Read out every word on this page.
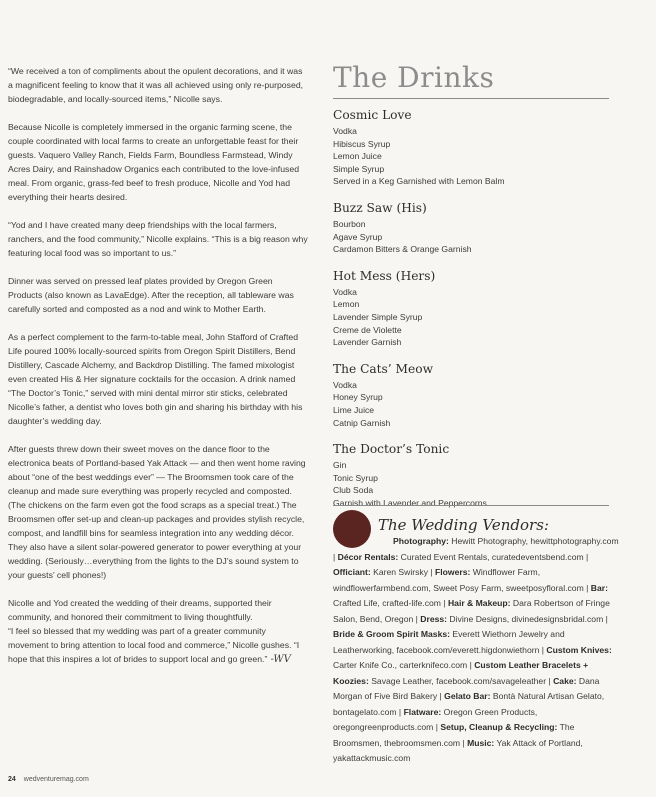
“We received a ton of compliments about the opulent decorations, and it was a magnificent feeling to know that it was all achieved using only re-purposed, biodegradable, and locally-sourced items,” Nicolle says.

Because Nicolle is completely immersed in the organic farming scene, the couple coordinated with local farms to create an unforgettable feast for their guests. Vaquero Valley Ranch, Fields Farm, Boundless Farmstead, Windy Acres Dairy, and Rainshadow Organics each contributed to the love-infused meal. From organic, grass-fed beef to fresh produce, Nicolle and Yod had everything their hearts desired.

“Yod and I have created many deep friendships with the local farmers, ranchers, and the food community,” Nicolle explains. “This is a big reason why featuring local food was so important to us.”

Dinner was served on pressed leaf plates provided by Oregon Green Products (also known as LavaEdge). After the reception, all tableware was carefully sorted and composted as a nod and wink to Mother Earth.

As a perfect complement to the farm-to-table meal, John Stafford of Crafted Life poured 100% locally-sourced spirits from Oregon Spirit Distillers, Bend Distillery, Cascade Alchemy, and Backdrop Distilling. The famed mixologist even created His & Her signature cocktails for the occasion. A drink named “The Doctor’s Tonic,” served with mini dental mirror stir sticks, celebrated Nicolle’s father, a dentist who loves both gin and sharing his birthday with his daughter’s wedding day.

After guests threw down their sweet moves on the dance floor to the electronica beats of Portland-based Yak Attack — and then went home raving about “one of the best weddings ever” — The Broomsmen took care of the cleanup and made sure everything was properly recycled and composted. (The chickens on the farm even got the food scraps as a special treat.) The Broomsmen offer set-up and clean-up packages and provides stylish recycle, compost, and landfill bins for seamless integration into any wedding décor. They also have a silent solar-powered generator to power everything at your wedding. (Seriously…everything from the lights to the DJ’s sound system to your guests’ cell phones!)

Nicolle and Yod created the wedding of their dreams, supported their community, and honored their commitment to living thoughtfully.

“I feel so blessed that my wedding was part of a greater community movement to bring attention to local food and commerce,” Nicolle gushes. “I hope that this inspires a lot of brides to support local and go green.” -WV

The Drinks
Cosmic Love
Vodka
Hibiscus Syrup
Lemon Juice
Simple Syrup
Served in a Keg Garnished with Lemon Balm
Buzz Saw (His)
Bourbon
Agave Syrup
Cardamon Bitters & Orange Garnish
Hot Mess (Hers)
Vodka
Lemon
Lavender Simple Syrup
Creme de Violette
Lavender Garnish
The Cats’ Meow
Vodka
Honey Syrup
Lime Juice
Catnip Garnish
The Doctor’s Tonic
Gin
Tonic Syrup
Club Soda
Garnish with Lavender and Peppercorns
The Wedding Vendors:

Photography: Hewitt Photography, hewittphotography.com | Décor Rentals: Curated Event Rentals, curatedeventsbend.com | Officiant: Karen Swirsky | Flowers: Windflower Farm, windflowerfarmbend.com, Sweet Posy Farm, sweetposyfloral.com | Bar: Crafted Life, crafted-life.com | Hair & Makeup: Dara Robertson of Fringe Salon, Bend, Oregon | Dress: Divine Designs, divinedesignsbridal.com | Bride & Groom Spirit Masks: Everett Wiethorn Jewelry and Leatherworking, facebook.com/everett.higdonwiethorn | Custom Knives: Carter Knife Co., carterknifeco.com | Custom Leather Bracelets + Koozies: Savage Leather, facebook.com/savageleather | Cake: Dana Morgan of Five Bird Bakery | Gelato Bar: Bontà Natural Artisan Gelato, bontagelato.com | Flatware: Oregon Green Products, oregongreenproducts.com | Setup, Cleanup & Recycling: The Broomsmen, thebroomsmen.com | Music: Yak Attack of Portland, yakattackmusic.com

24 wedventuremag.com
